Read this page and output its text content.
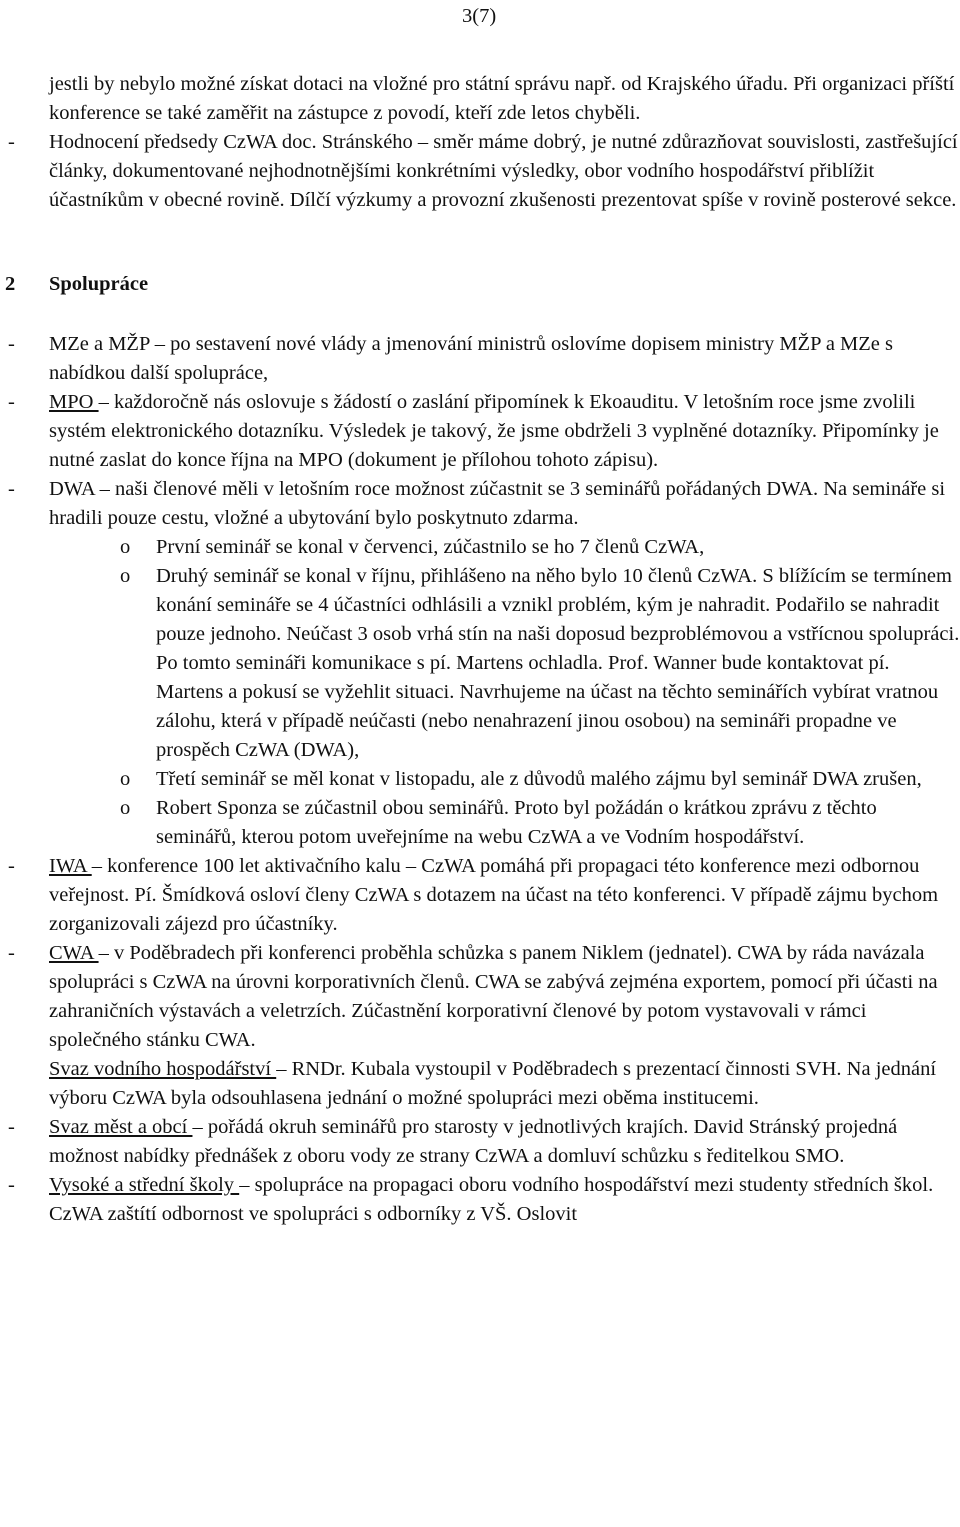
3(7)

jestli by nebylo možné získat dotaci na vložné pro státní správu např. od Krajského úřadu. Při organizaci příští konference se také zaměřit na zástupce z povodí, kteří zde letos chyběli.

- Hodnocení předsedy CzWA doc. Stránského – směr máme dobrý, je nutné zdůrazňovat souvislosti, zastřešující články, dokumentované nejhodnotnějšími konkrétními výsledky, obor vodního hospodářství přiblížit účastníkům v obecné rovině. Dílčí výzkumy a provozní zkušenosti prezentovat spíše v rovině posterové sekce.
2 Spolupráce
- MZe a MŽP – po sestavení nové vlády a jmenování ministrů oslovíme dopisem ministry MŽP a MZe s nabídkou další spolupráce,
- MPO – každoročně nás oslovuje s žádostí o zaslání připomínek k Ekoauditu. V letošním roce jsme zvolili systém elektronického dotazníku. Výsledek je takový, že jsme obdrželi 3 vyplněné dotazníky. Připomínky je nutné zaslat do konce října na MPO (dokument je přílohou tohoto zápisu).
- DWA – naši členové měli v letošním roce možnost zúčastnit se 3 seminářů pořádaných DWA. Na semináře si hradili pouze cestu, vložné a ubytování bylo poskytnuto zdarma.
o První seminář se konal v červenci, zúčastnilo se ho 7 členů CzWA,
o Druhý seminář se konal v říjnu, přihlášeno na něho bylo 10 členů CzWA. S blížícím se termínem konání semináře se 4 účastníci odhlásili a vznikl problém, kým je nahradit. Podařilo se nahradit pouze jednoho. Neúčast 3 osob vrhá stín na naši doposud bezproblémovou a vstřícnou spolupráci. Po tomto semináři komunikace s pí. Martens ochladla. Prof. Wanner bude kontaktovat pí. Martens a pokusí se vyžehlit situaci. Navrhujeme na účast na těchto seminářích vybírat vratnou zálohu, která v případě neúčasti (nebo nenahrazení jinou osobou) na semináři propadne ve prospěch CzWA (DWA),
o Třetí seminář se měl konat v listopadu, ale z důvodů malého zájmu byl seminář DWA zrušen,
o Robert Sponza se zúčastnil obou seminářů. Proto byl požádán o krátkou zprávu z těchto seminářů, kterou potom uveřejníme na webu CzWA a ve Vodním hospodářství.
- IWA – konference 100 let aktivačního kalu – CzWA pomáhá při propagaci této konference mezi odbornou veřejnost. Pí. Šmídková osloví členy CzWA s dotazem na účast na této konferenci. V případě zájmu bychom zorganizovali zájezd pro účastníky.
- CWA – v Poděbradech při konferenci proběhla schůzka s panem Niklem (jednatel). CWA by ráda navázala spolupráci s CzWA na úrovni korporativních členů. CWA se zabývá zejména exportem, pomocí při účasti na zahraničních výstavách a veletrzích. Zúčastnění korporativní členové by potom vystavovali v rámci společného stánku CWA.
Svaz vodního hospodářství – RNDr. Kubala vystoupil v Poděbradech s prezentací činnosti SVH. Na jednání výboru CzWA byla odsouhlasena jednání o možné spolupráci mezi oběma institucemi.
- Svaz měst a obcí – pořádá okruh seminářů pro starosty v jednotlivých krajích. David Stránský projedná možnost nabídky přednášek z oboru vody ze strany CzWA a domluví schůzku s ředitelkou SMO.
- Vysoké a střední školy – spolupráce na propagaci oboru vodního hospodářství mezi studenty středních škol. CzWA zaštítí odbornost ve spolupráci s odborníky z VŠ. Oslovit
